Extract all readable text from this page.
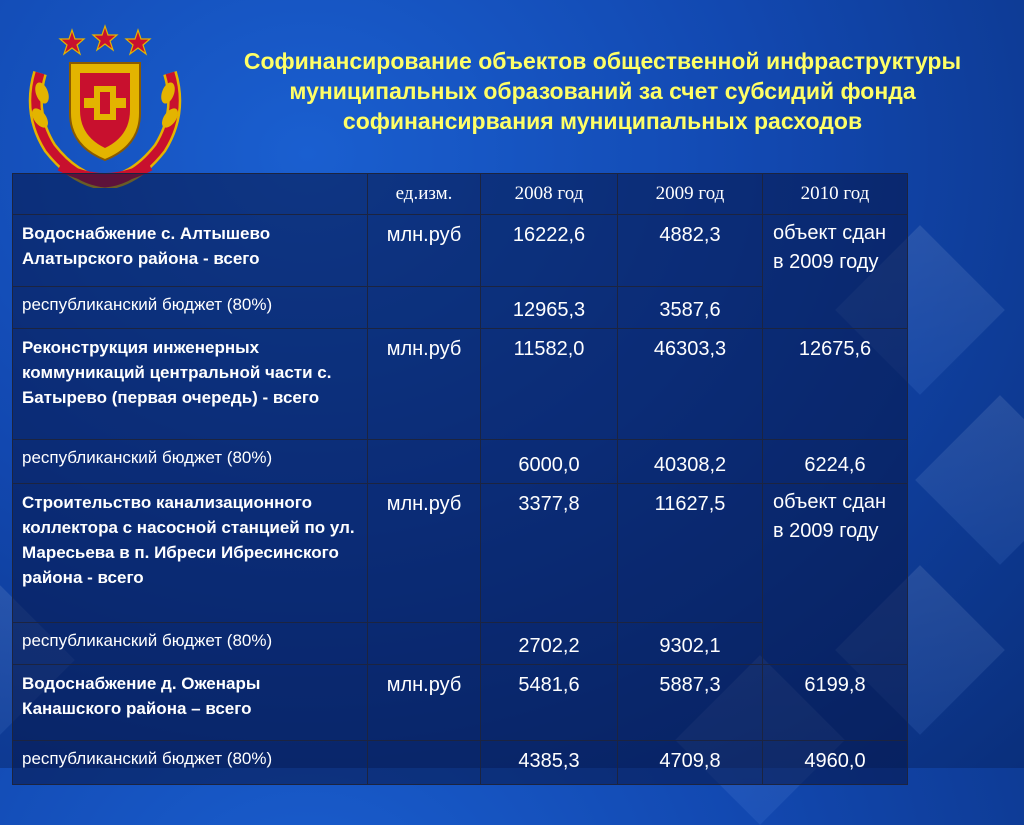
Софинансирование объектов общественной инфраструктуры муниципальных образований за счет субсидий фонда софинансирвания муниципальных расходов
	ед.изм.	2008 год	2009 год	2010 год
Водоснабжение с. Алтышево Алатырского района - всего	млн.руб	16222,6	4882,3	объект сдан в 2009 году
республиканский бюджет (80%)		12965,3	3587,6	
Реконструкция инженерных коммуникаций центральной части с. Батырево (первая очередь) - всего	млн.руб	11582,0	46303,3	12675,6
республиканский бюджет (80%)		6000,0	40308,2	6224,6
Строительство канализационного коллектора с насосной станцией по ул. Маресьева в п. Ибреси Ибресинского района - всего	млн.руб	3377,8	11627,5	объект сдан в 2009 году
республиканский бюджет (80%)		2702,2	9302,1	
Водоснабжение д. Оженары Канашского района – всего	млн.руб	5481,6	5887,3	6199,8
республиканский бюджет (80%)		4385,3	4709,8	4960,0
